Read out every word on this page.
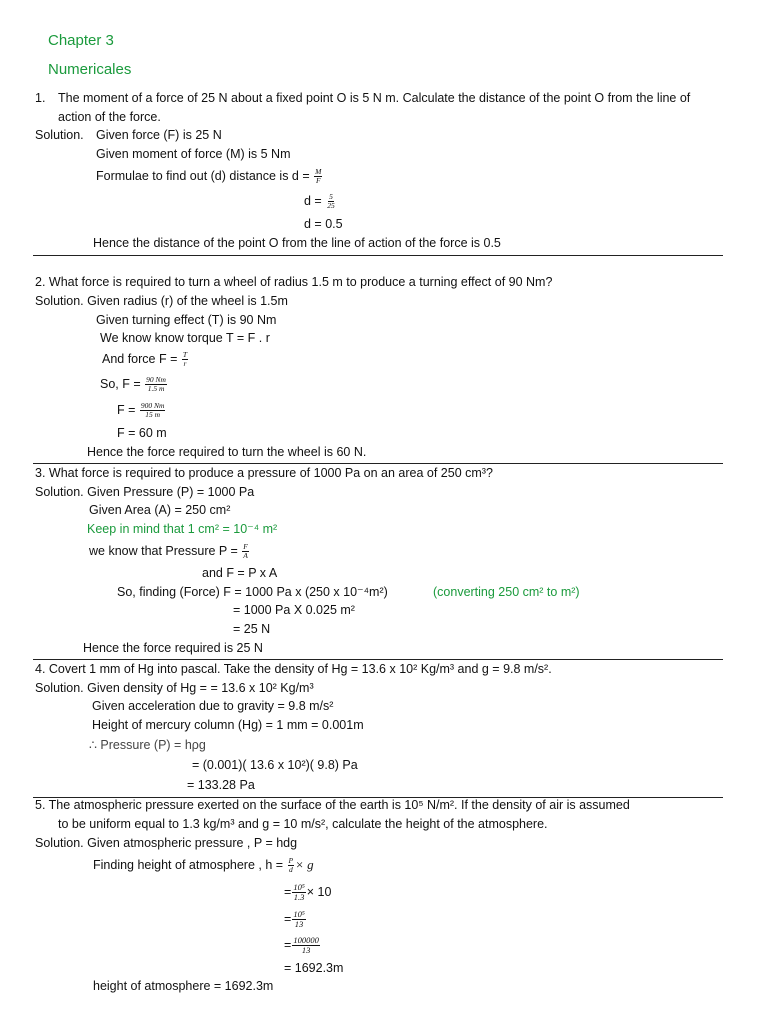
Chapter 3
Numericales
1. The moment of a force of 25 N about a fixed point O is 5 N m. Calculate the distance of the point O from the line of
action of the force.
Solution. Given force (F) is 25 N
Given moment of force (M) is 5 Nm
Formulae to find out (d) distance is $d = \frac{M}{F}$
$d = \frac{5}{25}$
d = 0.5
Hence the distance of the point O from the line of action of the force is 0.5
2. What force is required to turn a wheel of radius 1.5 m to produce a turning effect of 90 Nm?
Solution. Given radius (r) of the wheel is 1.5m
Given turning effect (T) is 90 Nm
We know know torque T = F . r
And force $F = \frac{T}{r}$
So, $F = \frac{90 Nm}{1.5 m}$
$F = \frac{900 Nm}{15 m}$
F = 60 m
Hence the force required to turn the wheel is 60 N.
3. What force is required to produce a pressure of 1000 Pa on an area of 250 cm³?
Solution. Given Pressure (P) = 1000 Pa
Given Area (A) = 250 cm²
Keep in mind that 1 cm² = 10⁻⁴ m²
we know that Pressure $P = \frac{F}{A}$
and F = P x A
So, finding (Force) F = 1000 Pa x (250 x 10⁻⁴m²)	(converting 250 cm² to m²)
= 1000 Pa X 0.025 m²
= 25 N
Hence the force required is 25 N
4. Covert 1 mm of Hg into pascal. Take the density of Hg = 13.6 x 10² Kg/m³ and g = 9.8 m/s².
Solution. Given density of Hg = = 13.6 x 10² Kg/m³
Given acceleration due to gravity = 9.8 m/s²
Height of mercury column (Hg) = 1 mm = 0.001m
∴ Pressure (P) = hρg
= (0.001)( 13.6 x 10²)( 9.8) Pa
= 133.28 Pa
5. The atmospheric pressure exerted on the surface of the earth is 10⁵ N/m². If the density of air is assumed
to be uniform equal to 1.3 kg/m³ and g = 10 m/s², calculate the height of the atmosphere.
Solution. Given atmospheric pressure , P = hdg
Finding height of atmosphere , $h = \frac{P}{d} \times g$
= $\frac{\text{10⁵}}{1.3} \times 10$
= $\frac{\text{10⁵}}{13}$
= $\frac{100000}{13}$
= 1692.3m
height of atmosphere = 1692.3m
